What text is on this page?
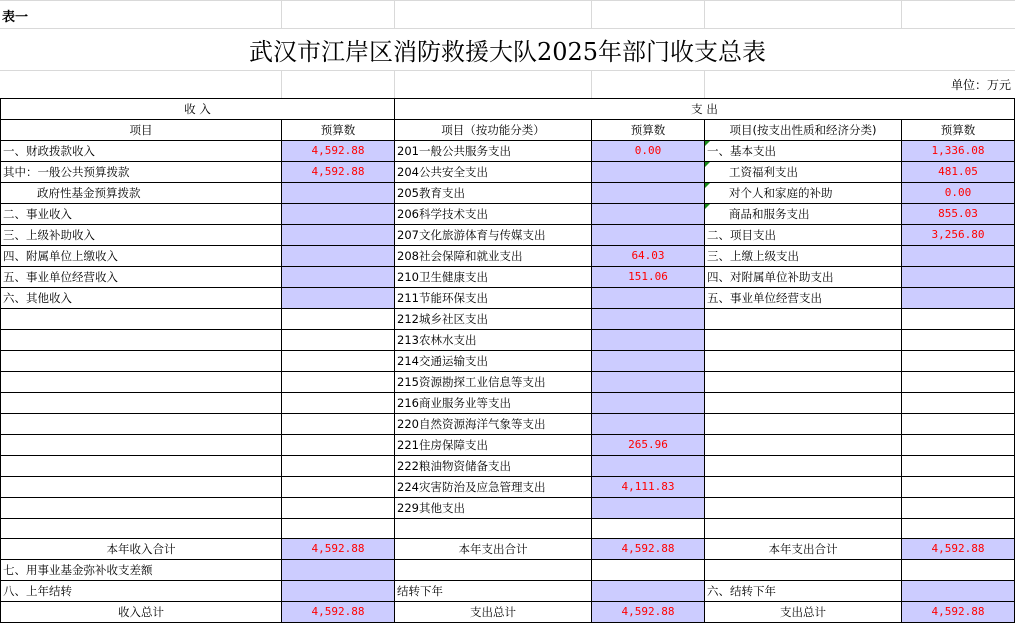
表一
武汉市江岸区消防救援大队2025年部门收支总表
单位：万元
收 入		支 出			
项目	预算数	项目（按功能分类）	预算数	项目(按支出性质和经济分类)	预算数
一、财政拨款收入	4,592.88	201一般公共服务支出	0.00	一、基本支出	1,336.08
其中：一般公共预算拨款	4,592.88	204公共安全支出		工资福利支出	481.05
政府性基金预算拨款		205教育支出		对个人和家庭的补助	0.00
二、事业收入		206科学技术支出		商品和服务支出	855.03
三、上级补助收入		207文化旅游体育与传媒支出		二、项目支出	3,256.80
四、附属单位上缴收入		208社会保障和就业支出	64.03	三、上缴上级支出	
五、事业单位经营收入		210卫生健康支出	151.06	四、对附属单位补助支出	
六、其他收入		211节能环保支出		五、事业单位经营支出	
		212城乡社区支出			
		213农林水支出			
		214交通运输支出			
		215资源勘探工业信息等支出			
		216商业服务业等支出			
		220自然资源海洋气象等支出			
		221住房保障支出	265.96		
		222粮油物资储备支出			
		224灾害防治及应急管理支出	4,111.83		
		229其他支出			

本年收入合计	4,592.88	本年支出合计	4,592.88	本年支出合计	4,592.88
七、用事业基金弥补收支差额					
八、上年结转		结转下年		六、结转下年	
收入总计	4,592.88	支出总计	4,592.88	支出总计	4,592.88
